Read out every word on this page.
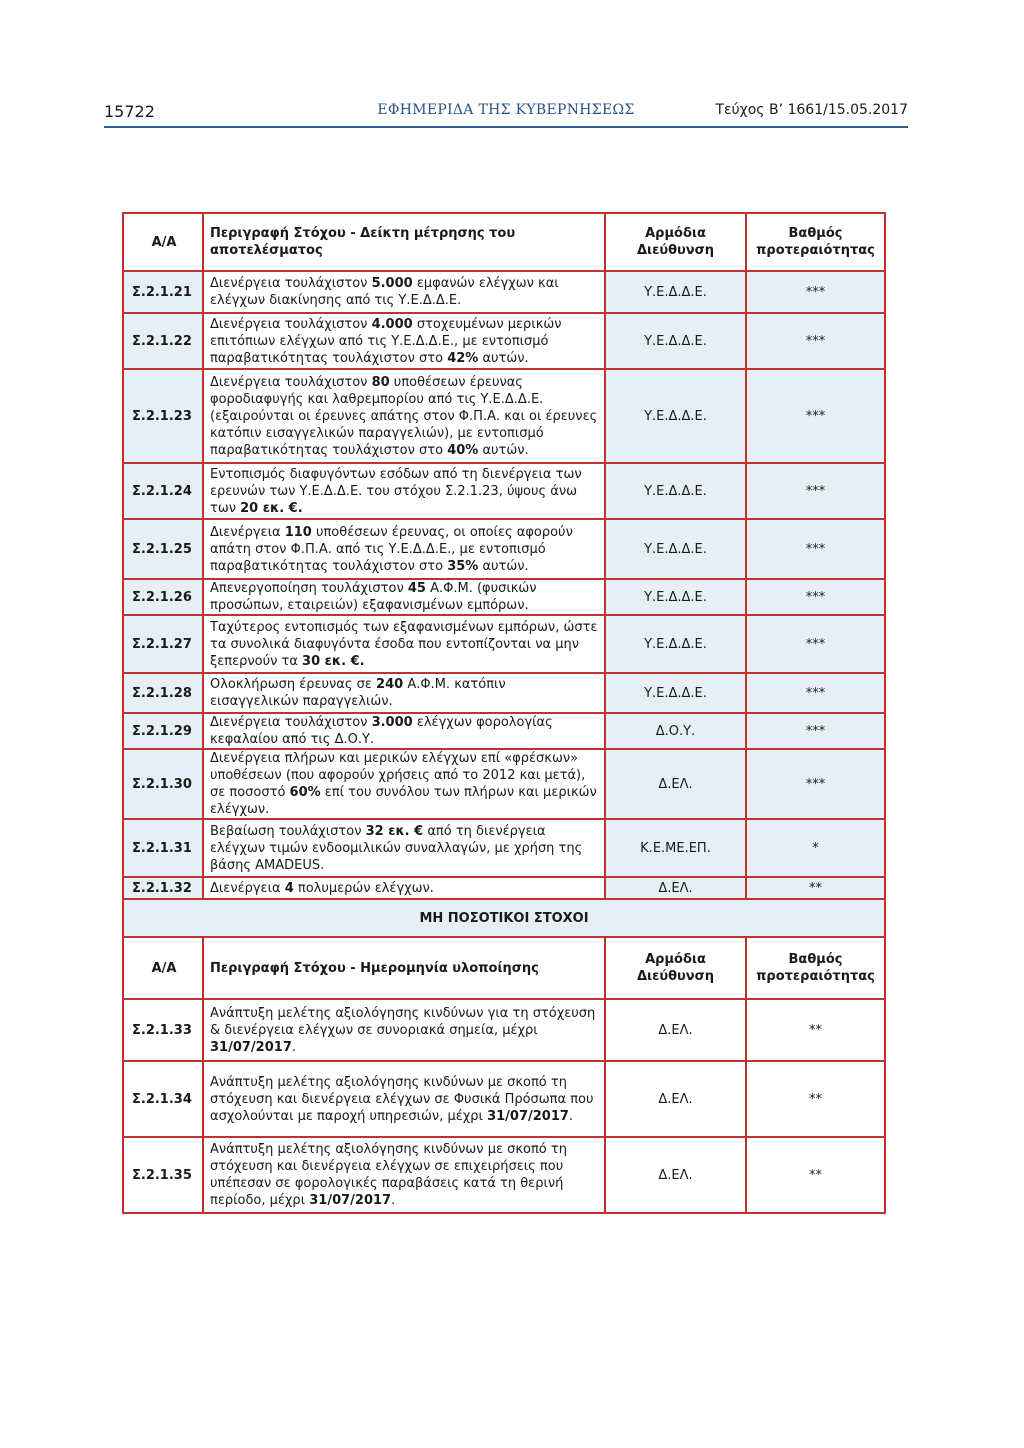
15722	ΕΦΗΜΕΡΙΔΑ ΤΗΣ ΚΥΒΕΡΝΗΣΕΩΣ	Τεύχος Β’ 1661/15.05.2017
Α/Α	Περιγραφή Στόχου - Δείκτη μέτρησης του αποτελέσματος	Αρμόδια Διεύθυνση	Βαθμός προτεραιότητας
Σ.2.1.21	Διενέργεια τουλάχιστον 5.000 εμφανών ελέγχων και ελέγχων διακίνησης από τις Υ.Ε.Δ.Δ.Ε.	Υ.Ε.Δ.Δ.Ε.	***
Σ.2.1.22	Διενέργεια τουλάχιστον 4.000 στοχευμένων μερικών επιτόπιων ελέγχων από τις Υ.Ε.Δ.Δ.Ε., με εντοπισμό παραβατικότητας τουλάχιστον στο 42% αυτών.	Υ.Ε.Δ.Δ.Ε.	***
Σ.2.1.23	Διενέργεια τουλάχιστον 80 υποθέσεων έρευνας φοροδιαφυγής και λαθρεμπορίου από τις Υ.Ε.Δ.Δ.Ε. (εξαιρούνται οι έρευνες απάτης στον Φ.Π.Α. και οι έρευνες κατόπιν εισαγγελικών παραγγελιών), με εντοπισμό παραβατικότητας τουλάχιστον στο 40% αυτών.	Υ.Ε.Δ.Δ.Ε.	***
Σ.2.1.24	Εντοπισμός διαφυγόντων εσόδων από τη διενέργεια των ερευνών των Υ.Ε.Δ.Δ.Ε. του στόχου Σ.2.1.23, ύψους άνω των 20 εκ. €.	Υ.Ε.Δ.Δ.Ε.	***
Σ.2.1.25	Διενέργεια 110 υποθέσεων έρευνας, οι οποίες αφορούν απάτη στον Φ.Π.Α. από τις Υ.Ε.Δ.Δ.Ε., με εντοπισμό παραβατικότητας τουλάχιστον στο 35% αυτών.	Υ.Ε.Δ.Δ.Ε.	***
Σ.2.1.26	Απενεργοποίηση τουλάχιστον 45 Α.Φ.Μ. (φυσικών προσώπων, εταιρειών) εξαφανισμένων εμπόρων.	Υ.Ε.Δ.Δ.Ε.	***
Σ.2.1.27	Ταχύτερος εντοπισμός των εξαφανισμένων εμπόρων, ώστε τα συνολικά διαφυγόντα έσοδα που εντοπίζονται να μην ξεπερνούν τα 30 εκ. €.	Υ.Ε.Δ.Δ.Ε.	***
Σ.2.1.28	Ολοκλήρωση έρευνας σε 240 Α.Φ.Μ. κατόπιν εισαγγελικών παραγγελιών.	Υ.Ε.Δ.Δ.Ε.	***
Σ.2.1.29	Διενέργεια τουλάχιστον 3.000 ελέγχων φορολογίας κεφαλαίου από τις Δ.Ο.Υ.	Δ.Ο.Υ.	***
Σ.2.1.30	Διενέργεια πλήρων και μερικών ελέγχων επί «φρέσκων» υποθέσεων (που αφορούν χρήσεις από το 2012 και μετά), σε ποσοστό 60% επί του συνόλου των πλήρων και μερικών ελέγχων.	Δ.ΕΛ.	***
Σ.2.1.31	Βεβαίωση τουλάχιστον 32 εκ. € από τη διενέργεια ελέγχων τιμών ενδοομιλικών συναλλαγών, με χρήση της βάσης AMADEUS.	Κ.Ε.ΜΕ.ΕΠ.	*
Σ.2.1.32	Διενέργεια 4 πολυμερών ελέγχων.	Δ.ΕΛ.	**
ΜΗ ΠΟΣΟΤΙΚΟΙ ΣΤΟΧΟΙ			
Α/Α	Περιγραφή Στόχου - Ημερομηνία υλοποίησης	Αρμόδια Διεύθυνση	Βαθμός προτεραιότητας
Σ.2.1.33	Ανάπτυξη μελέτης αξιολόγησης κινδύνων για τη στόχευση & διενέργεια ελέγχων σε συνοριακά σημεία, μέχρι 31/07/2017.	Δ.ΕΛ.	**
Σ.2.1.34	Ανάπτυξη μελέτης αξιολόγησης κινδύνων με σκοπό τη στόχευση και διενέργεια ελέγχων σε Φυσικά Πρόσωπα που ασχολούνται με παροχή υπηρεσιών, μέχρι 31/07/2017.	Δ.ΕΛ.	**
Σ.2.1.35	Ανάπτυξη μελέτης αξιολόγησης κινδύνων με σκοπό τη στόχευση και διενέργεια ελέγχων σε επιχειρήσεις που υπέπεσαν σε φορολογικές παραβάσεις κατά τη θερινή περίοδο, μέχρι 31/07/2017.	Δ.ΕΛ.	**
